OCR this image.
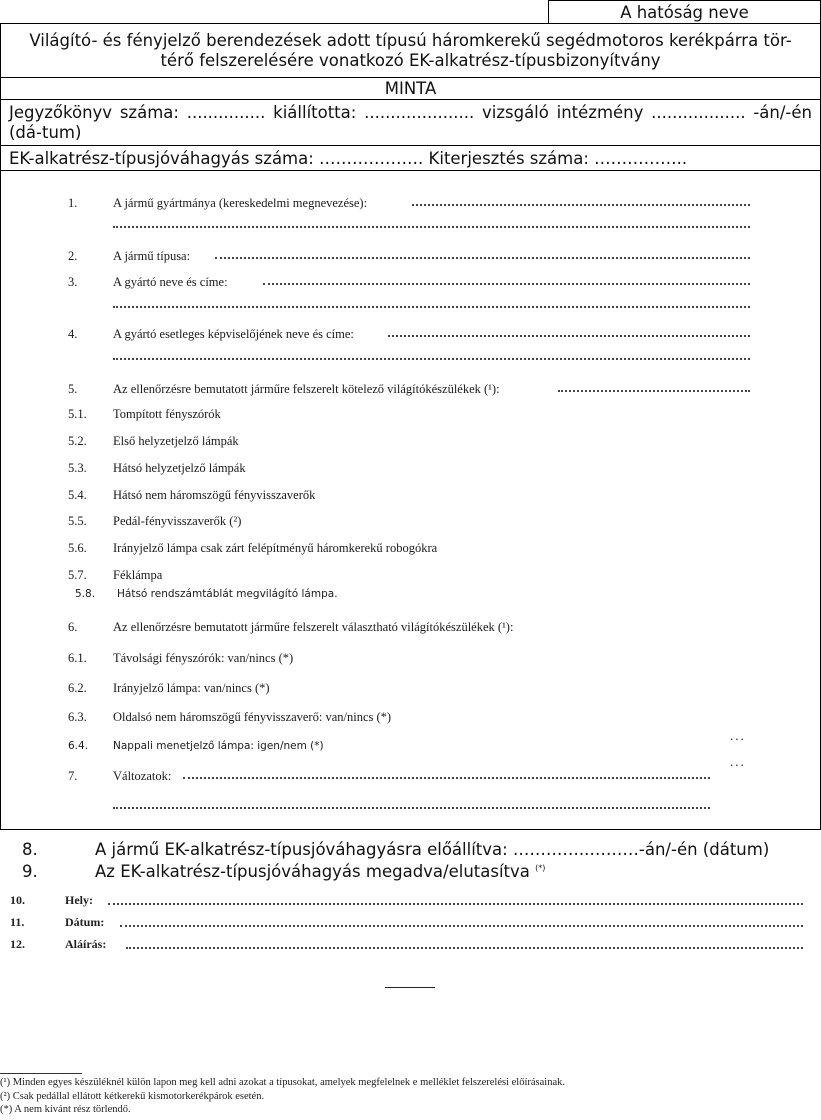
A hatóság neve
Világító- és fényjelző berendezések adott típusú háromkerekű segédmotoros kerékpárra tör-
térő felszerelésére vonatkozó EK-alkatrész-típusbizonyítvány
MINTA
Jegyzőkönyv száma: ............... kiállította: ..................... vizsgáló intézmény .................. -án/-én (dá-tum)
EK-alkatrész-típusjóváhagyás száma: ………………. Kiterjesztés száma: ……………..
1.	A jármű gyártmánya (kereskedelmi megnevezése):
2.	A jármű típusa:
3.	A gyártó neve és címe:
4.	A gyártó esetleges képviselőjének neve és címe:
5.	Az ellenőrzésre bemutatott járműre felszerelt kötelező világítókészülékek (¹):
5.1. Tompított fényszórók
5.2. Első helyzetjelző lámpák
5.3. Hátsó helyzetjelző lámpák
5.4. Hátsó nem háromszögű fényvisszaverők
5.5. Pedál-fényvisszaverők (²)
5.6. Irányjelző lámpa csak zárt felépítményű háromkerekű robogókra
5.7. Féklámpa
5.8. Hátsó rendszámtáblát megvilágító lámpa.
6.	Az ellenőrzésre bemutatott járműre felszerelt választható világítókészülékek (¹):
6.1. Távolsági fényszórók: van/nincs (*)
6.2. Irányjelző lámpa: van/nincs (*)
6.3. Oldalsó nem háromszögű fényvisszaverő: van/nincs (*)
6.4. Nappali menetjelző lámpa: igen/nem (*)
...
...
7.	Változatok:
8.	A jármű EK-alkatrész-típusjóváhagyásra előállítva: …………..………-án/-én (dátum)
9.	Az EK-alkatrész-típusjóváhagyás megadva/elutasítva (*)
10.	Hely:
11.	Dátum:
12.	Aláírás:
(¹) Minden egyes készüléknél külön lapon meg kell adni azokat a típusokat, amelyek megfelelnek e melléklet felszerelési előírásainak.
(²) Csak pedállal ellátott kétkerekű kismotorkerékpárok esetén.
(*) A nem kívánt rész törlendő.
